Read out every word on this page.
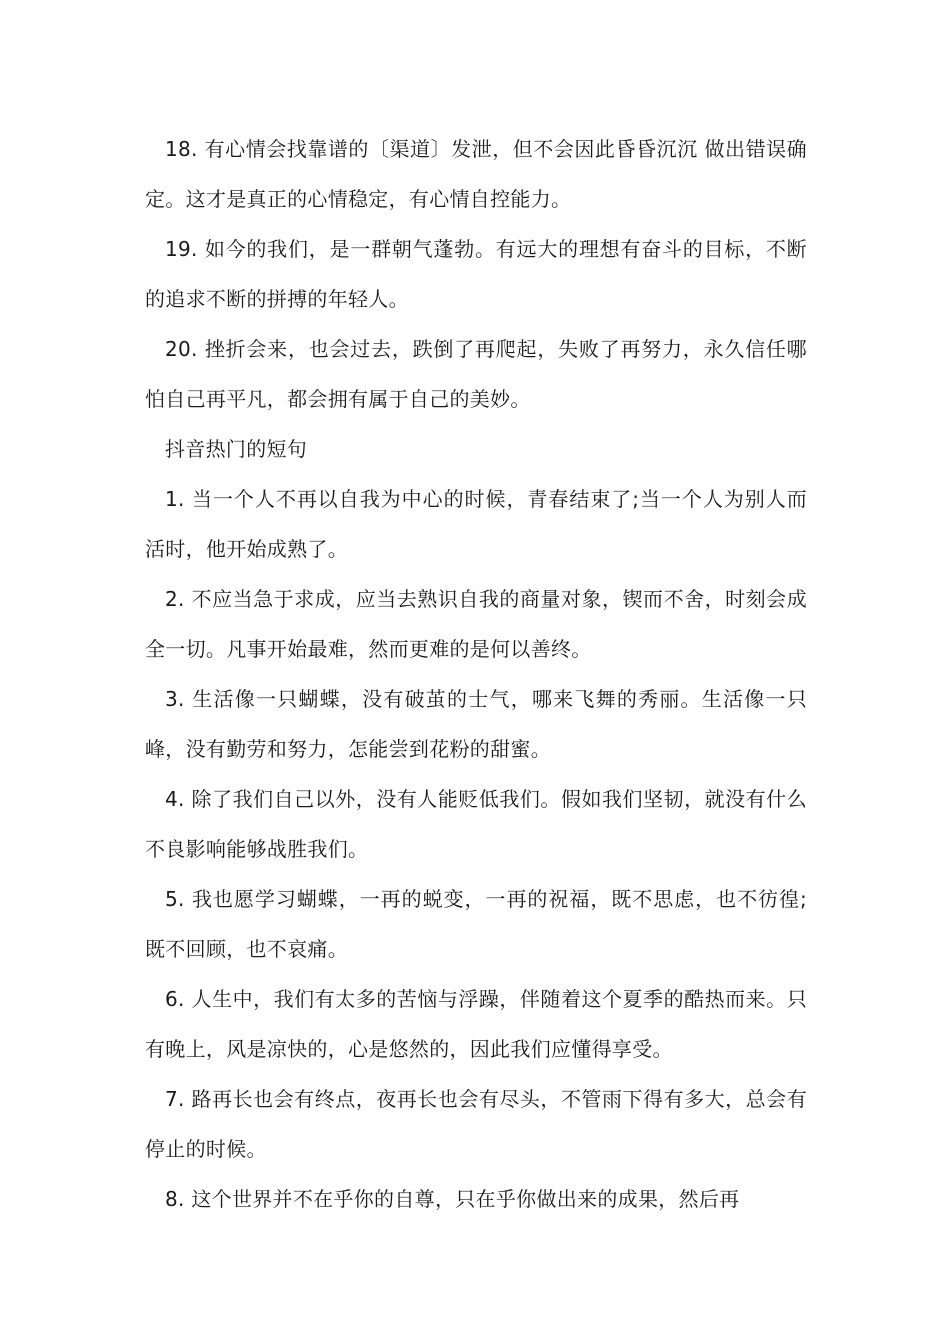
18. 有心情会找靠谱的〔渠道〕发泄，但不会因此昏昏沉沉 做出错误确定。这才是真正的心情稳定，有心情自控能力。

19. 如今的我们，是一群朝气蓬勃。有远大的理想有奋斗的目标，不断的追求不断的拼搏的年轻人。

20. 挫折会来，也会过去，跌倒了再爬起，失败了再努力，永久信任哪怕自己再平凡，都会拥有属于自己的美妙。

抖音热门的短句

1. 当一个人不再以自我为中心的时候，青春结束了;当一个人为别人而活时，他开始成熟了。

2. 不应当急于求成，应当去熟识自我的商量对象，锲而不舍，时刻会成全一切。凡事开始最难，然而更难的是何以善终。

3. 生活像一只蝴蝶，没有破茧的士气，哪来飞舞的秀丽。生活像一只峰，没有勤劳和努力，怎能尝到花粉的甜蜜。

4. 除了我们自己以外，没有人能贬低我们。假如我们坚韧，就没有什么不良影响能够战胜我们。

5. 我也愿学习蝴蝶，一再的蜕变，一再的祝福，既不思虑，也不彷徨;既不回顾，也不哀痛。

6. 人生中，我们有太多的苦恼与浮躁，伴随着这个夏季的酷热而来。只有晚上，风是凉快的，心是悠然的，因此我们应懂得享受。

7. 路再长也会有终点，夜再长也会有尽头，不管雨下得有多大，总会有停止的时候。

8. 这个世界并不在乎你的自尊，只在乎你做出来的成果，然后再
